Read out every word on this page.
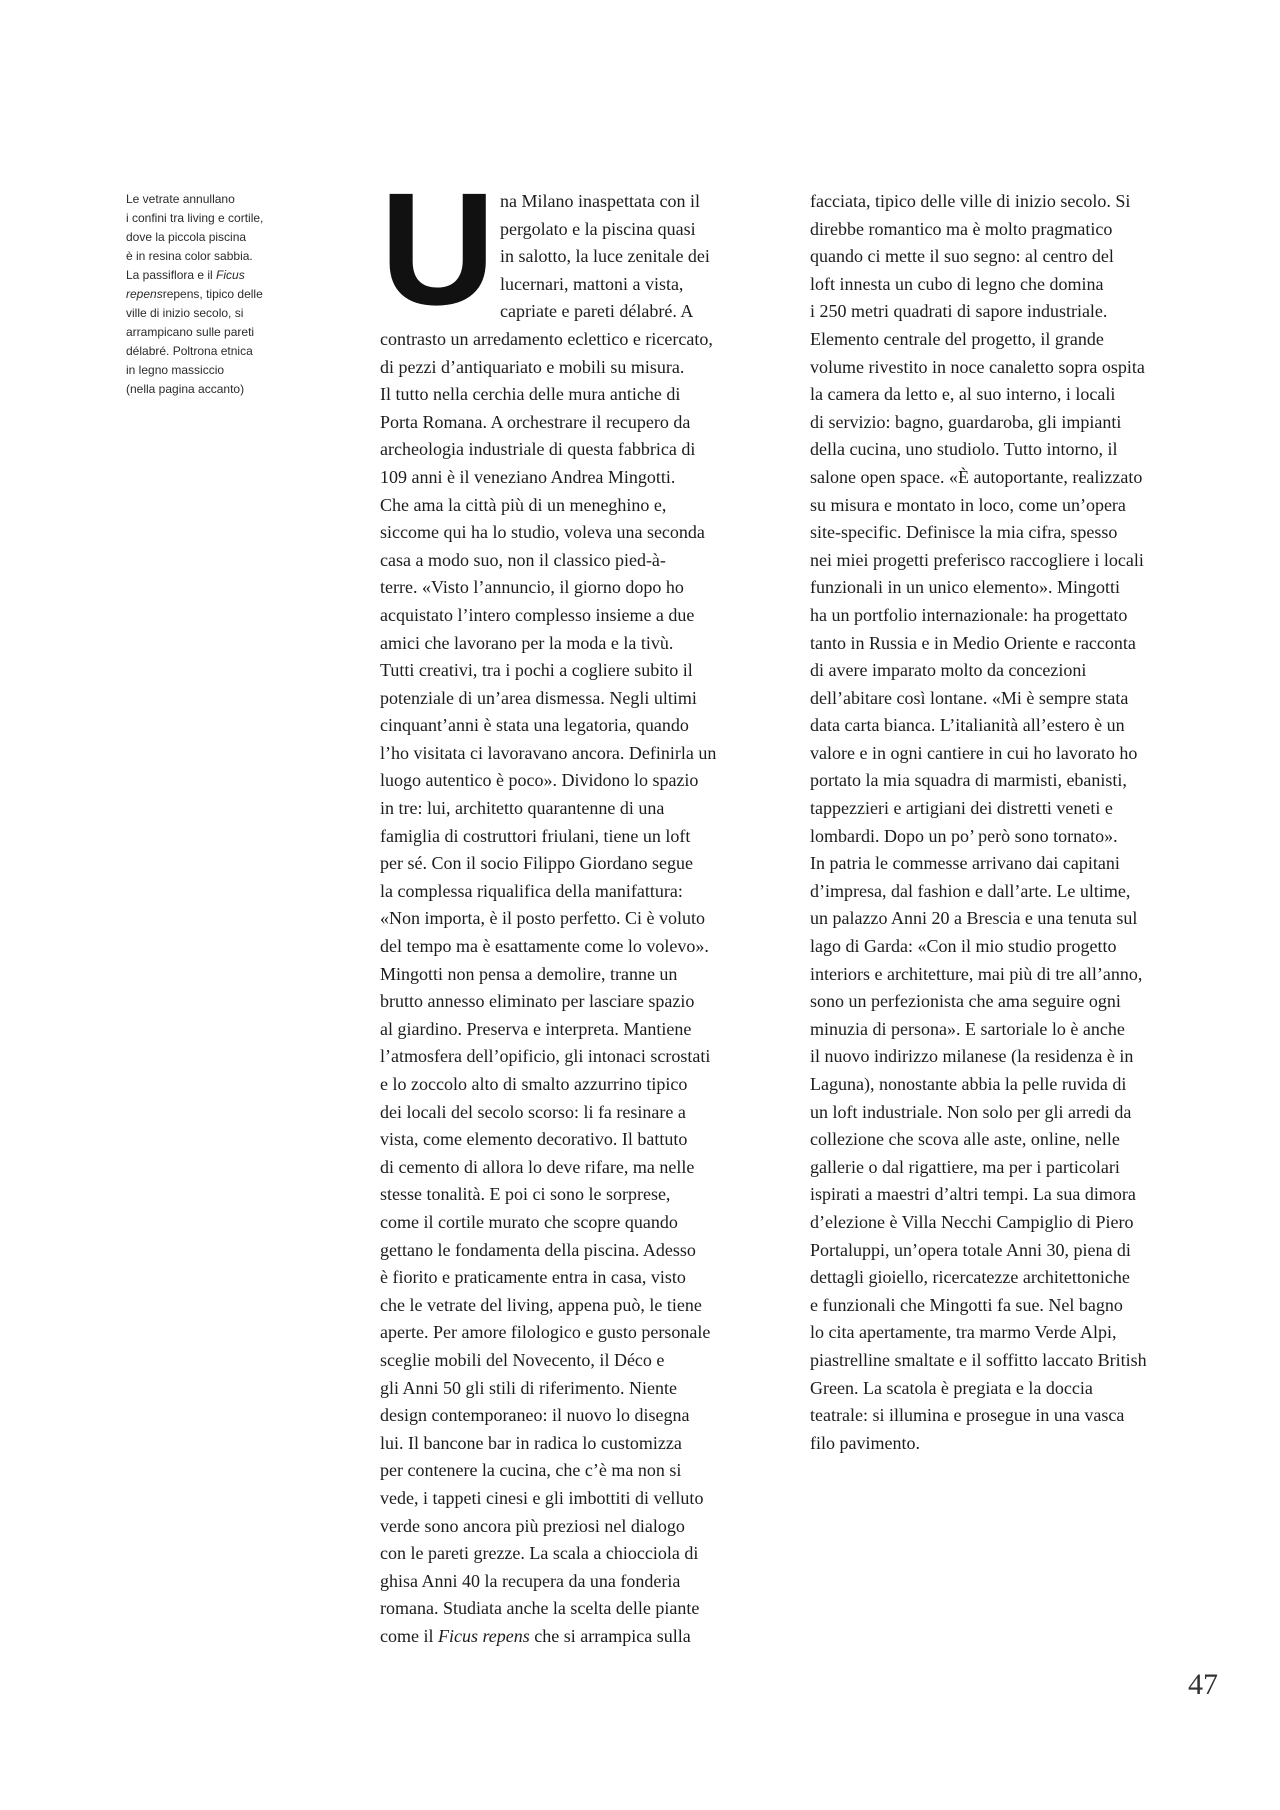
Le vetrate annullano
i confini tra living e cortile,
dove la piccola piscina
è in resina color sabbia.
La passiflora e il Ficus
repensrepens, tipico delle
ville di inizio secolo, si
arrampicano sulle pareti
délabré. Poltrona etnica
in legno massiccio
(nella pagina accanto)
U na Milano inaspettata con il
pergolato e la piscina quasi
in salotto, la luce zenitale dei
lucernari, mattoni a vista,
capriate e pareti délabré. A
contrasto un arredamento eclettico e ricercato,
di pezzi d’antiquariato e mobili su misura.
Il tutto nella cerchia delle mura antiche di
Porta Romana. A orchestrare il recupero da
archeologia industriale di questa fabbrica di
109 anni è il veneziano Andrea Mingotti.
Che ama la città più di un meneghino e,
siccome qui ha lo studio, voleva una seconda
casa a modo suo, non il classico pied-à-
terre. «Visto l’annuncio, il giorno dopo ho
acquistato l’intero complesso insieme a due
amici che lavorano per la moda e la tivù.
Tutti creativi, tra i pochi a cogliere subito il
potenziale di un’area dismessa. Negli ultimi
cinquant’anni è stata una legatoria, quando
l’ho visitata ci lavoravano ancora. Definirla un
luogo autentico è poco». Dividono lo spazio
in tre: lui, architetto quarantenne di una
famiglia di costruttori friulani, tiene un loft
per sé. Con il socio Filippo Giordano segue
la complessa riqualifica della manifattura:
«Non importa, è il posto perfetto. Ci è voluto
del tempo ma è esattamente come lo volevo».
Mingotti non pensa a demolire, tranne un
brutto annesso eliminato per lasciare spazio
al giardino. Preserva e interpreta. Mantiene
l’atmosfera dell’opificio, gli intonaci scrostati
e lo zoccolo alto di smalto azzurrino tipico
dei locali del secolo scorso: li fa resinare a
vista, come elemento decorativo. Il battuto
di cemento di allora lo deve rifare, ma nelle
stesse tonalità. E poi ci sono le sorprese,
come il cortile murato che scopre quando
gettano le fondamenta della piscina. Adesso
è fiorito e praticamente entra in casa, visto
che le vetrate del living, appena può, le tiene
aperte. Per amore filologico e gusto personale
sceglie mobili del Novecento, il Déco e
gli Anni 50 gli stili di riferimento. Niente
design contemporaneo: il nuovo lo disegna
lui. Il bancone bar in radica lo customizza
per contenere la cucina, che c’è ma non si
vede, i tappeti cinesi e gli imbottiti di velluto
verde sono ancora più preziosi nel dialogo
con le pareti grezze. La scala a chiocciola di
ghisa Anni 40 la recupera da una fonderia
romana. Studiata anche la scelta delle piante
come il Ficus repens che si arrampica sulla
facciata, tipico delle ville di inizio secolo. Si
direbbe romantico ma è molto pragmatico
quando ci mette il suo segno: al centro del
loft innesta un cubo di legno che domina
i 250 metri quadrati di sapore industriale.
Elemento centrale del progetto, il grande
volume rivestito in noce canaletto sopra ospita
la camera da letto e, al suo interno, i locali
di servizio: bagno, guardaroba, gli impianti
della cucina, uno studiolo. Tutto intorno, il
salone open space. «È autoportante, realizzato
su misura e montato in loco, come un’opera
site-specific. Definisce la mia cifra, spesso
nei miei progetti preferisco raccogliere i locali
funzionali in un unico elemento». Mingotti
ha un portfolio internazionale: ha progettato
tanto in Russia e in Medio Oriente e racconta
di avere imparato molto da concezioni
dell’abitare così lontane. «Mi è sempre stata
data carta bianca. L’italianità all’estero è un
valore e in ogni cantiere in cui ho lavorato ho
portato la mia squadra di marmisti, ebanisti,
tappezzieri e artigiani dei distretti veneti e
lombardi. Dopo un po’ però sono tornato».
In patria le commesse arrivano dai capitani
d’impresa, dal fashion e dall’arte. Le ultime,
un palazzo Anni 20 a Brescia e una tenuta sul
lago di Garda: «Con il mio studio progetto
interiors e architetture, mai più di tre all’anno,
sono un perfezionista che ama seguire ogni
minuzia di persona». E sartoriale lo è anche
il nuovo indirizzo milanese (la residenza è in
Laguna), nonostante abbia la pelle ruvida di
un loft industriale. Non solo per gli arredi da
collezione che scova alle aste, online, nelle
gallerie o dal rigattiere, ma per i particolari
ispirati a maestri d’altri tempi. La sua dimora
d’elezione è Villa Necchi Campiglio di Piero
Portaluppi, un’opera totale Anni 30, piena di
dettagli gioiello, ricercatezze architettoniche
e funzionali che Mingotti fa sue. Nel bagno
lo cita apertamente, tra marmo Verde Alpi,
piastrelline smaltate e il soffitto laccato British
Green. La scatola è pregiata e la doccia
teatrale: si illumina e prosegue in una vasca
filo pavimento.
47
